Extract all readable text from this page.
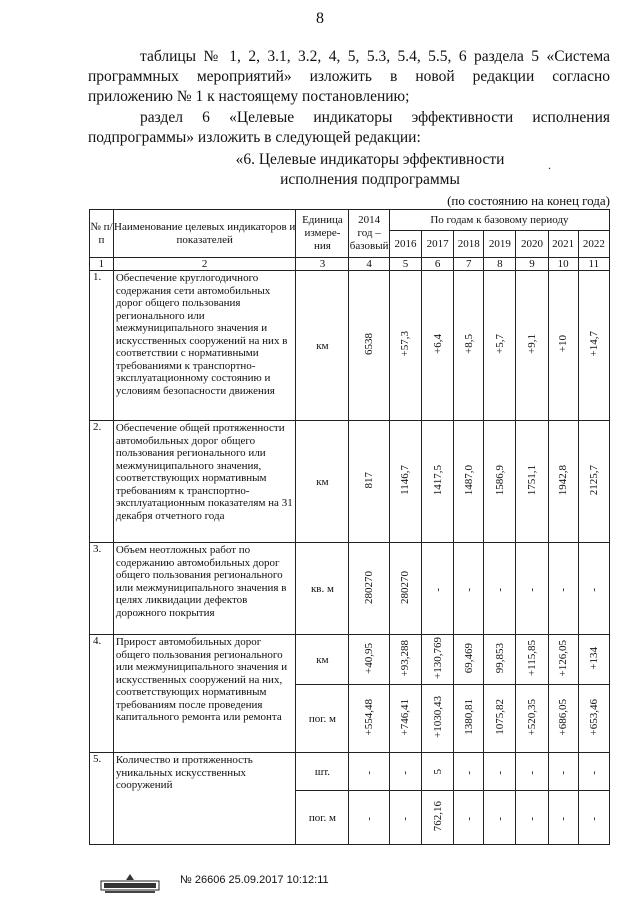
8
таблицы № 1, 2, 3.1, 3.2, 4, 5, 5.3, 5.4, 5.5, 6 раздела 5 «Система программных мероприятий» изложить в новой редакции согласно приложению № 1 к настоящему постановлению;
раздел 6 «Целевые индикаторы эффективности исполнения подпрограммы» изложить в следующей редакции:
«6. Целевые индикаторы эффективности
исполнения подпрограммы
.
(по состоянию на конец года)
№ п/п	Наименование целевых индикаторов и показателей	Единица измере-ния	2014 год – базовый	По годам к базовому периоду						
				2016	2017	2018	2019	2020	2021	2022
1	2	3	4	5	6	7	8	9	10	11
1.	Обеспечение круглогодичного содержания сети автомобильных дорог общего пользования регионального или межмуниципального значения и искусственных сооружений на них в соответствии с нормативными требованиями к транспортно-эксплуатационному состоянию и условиям безопасности движения	км	6538	+57,3	+6,4	+8,5	+5,7	+9,1	+10	+14,7
2.	Обеспечение общей протяженности автомобильных дорог общего пользования регионального или межмуниципального значения, соответствующих нормативным требованиям к транспортно-эксплуатационным показателям на 31 декабря отчетного года	км	817	1146,7	1417,5	1487,0	1586,9	1751,1	1942,8	2125,7
3.	Объем неотложных работ по содержанию автомобильных дорог общего пользования регионального или межмуниципального значения в целях ликвидации дефектов дорожного покрытия	кв. м	280270	280270	-	-	-	-	-	-
4.	Прирост автомобильных дорог общего пользования регионального или межмуниципального значения и искусственных сооружений на них, соответствующих нормативным требованиям после проведения капитального ремонта или ремонта	км	+40,95	+93,288	+130,769	69,469	99,853	+115,85	+126,05	+134
		пог. м	+554,48	+746,41	+1030,43	1380,81	1075,82	+520,35	+686,05	+653,46
5.	Количество и протяженность уникальных искусственных сооружений	шт.	-	-	5	-	-	-	-	-
		пог. м	-	-	762,16	-	-	-	-	-
№ 26606 25.09.2017 10:12:11
